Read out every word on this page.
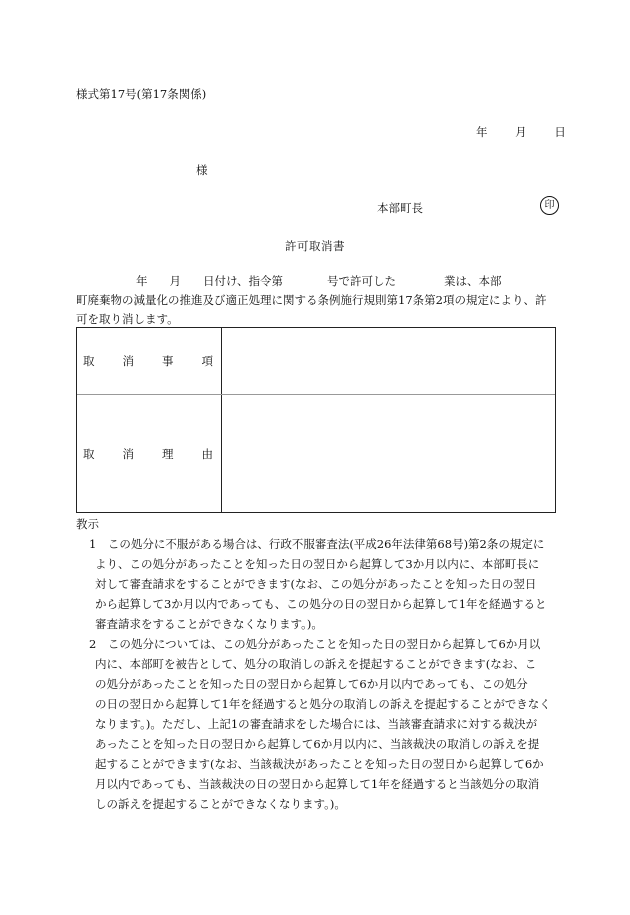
様式第17号(第17条関係)
年 月 日
様
本部町長	印
許可取消書
年 月 日付け、指令第	号で許可した	業は、本部
町廃棄物の減量化の推進及び適正処理に関する条例施行規則第17条第2項の規定により、許
可を取り消します。
取 消 事 項
取 消 理 由
教示
1　この処分に不服がある場合は、行政不服審査法(平成26年法律第68号)第2条の規定に
より、この処分があったことを知った日の翌日から起算して3か月以内に、本部町長に
対して審査請求をすることができます(なお、この処分があったことを知った日の翌日
から起算して3か月以内であっても、この処分の日の翌日から起算して1年を経過すると
審査請求をすることができなくなります。)。
2　この処分については、この処分があったことを知った日の翌日から起算して6か月以
内に、本部町を被告として、処分の取消しの訴えを提起することができます(なお、こ
の処分があったことを知った日の翌日から起算して6か月以内であっても、この処分
の日の翌日から起算して1年を経過すると処分の取消しの訴えを提起することができなく
なります。)。ただし、上記1の審査請求をした場合には、当該審査請求に対する裁決が
あったことを知った日の翌日から起算して6か月以内に、当該裁決の取消しの訴えを提
起することができます(なお、当該裁決があったことを知った日の翌日から起算して6か
月以内であっても、当該裁決の日の翌日から起算して1年を経過すると当該処分の取消
しの訴えを提起することができなくなります。)。
